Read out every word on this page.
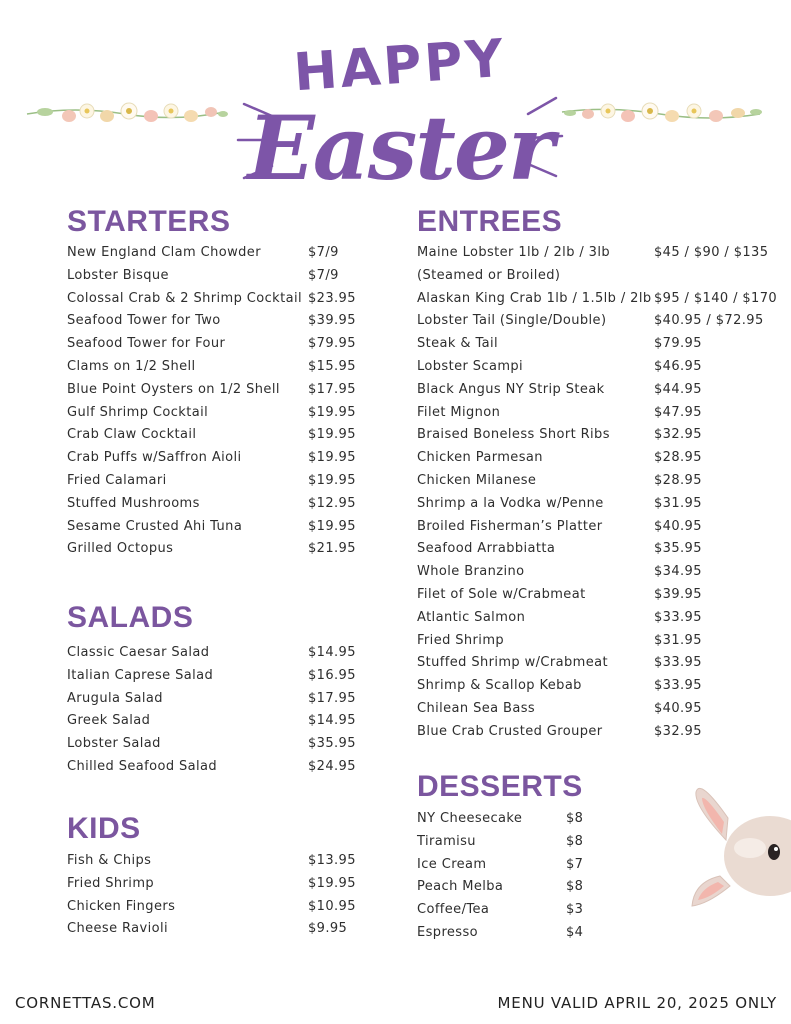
HAPPY
Easter
STARTERS
New England Clam Chowder	$7/9
Lobster Bisque	$7/9
Colossal Crab & 2 Shrimp Cocktail $23.95
Seafood Tower for Two	$39.95
Seafood Tower for Four	$79.95
Clams on 1/2 Shell	$15.95
Blue Point Oysters on 1/2 Shell $17.95
Gulf Shrimp Cocktail	$19.95
Crab Claw Cocktail	$19.95
Crab Puffs w/Saffron Aioli	$19.95
Fried Calamari	$19.95
Stuffed Mushrooms	$12.95
Sesame Crusted Ahi Tuna	$19.95
Grilled Octopus	$21.95
SALADS
Classic Caesar Salad	$14.95
Italian Caprese Salad	$16.95
Arugula Salad	$17.95
Greek Salad	$14.95
Lobster Salad	$35.95
Chilled Seafood Salad	$24.95
KIDS
Fish & Chips	$13.95
Fried Shrimp	$19.95
Chicken Fingers	$10.95
Cheese Ravioli	$9.95
ENTREES
Maine Lobster 1lb / 2lb / 3lb	$45 / $90 / $135
(Steamed or Broiled)
Alaskan King Crab 1lb / 1.5lb / 2lb $95 / $140 / $170
Lobster Tail (Single/Double)	$40.95 / $72.95
Steak & Tail	$79.95
Lobster Scampi	$46.95
Black Angus NY Strip Steak	$44.95
Filet Mignon	$47.95
Braised Boneless Short Ribs	$32.95
Chicken Parmesan	$28.95
Chicken Milanese	$28.95
Shrimp a la Vodka w/Penne	$31.95
Broiled Fisherman’s Platter	$40.95
Seafood Arrabbiatta	$35.95
Whole Branzino	$34.95
Filet of Sole w/Crabmeat	$39.95
Atlantic Salmon	$33.95
Fried Shrimp	$31.95
Stuffed Shrimp w/Crabmeat	$33.95
Shrimp & Scallop Kebab	$33.95
Chilean Sea Bass	$40.95
Blue Crab Crusted Grouper	$32.95
DESSERTS
NY Cheesecake	$8
Tiramisu	$8
Ice Cream	$7
Peach Melba	$8
Coffee/Tea	$3
Espresso	$4
CORNETTAS.COM	MENU VALID APRIL 20, 2025 ONLY
